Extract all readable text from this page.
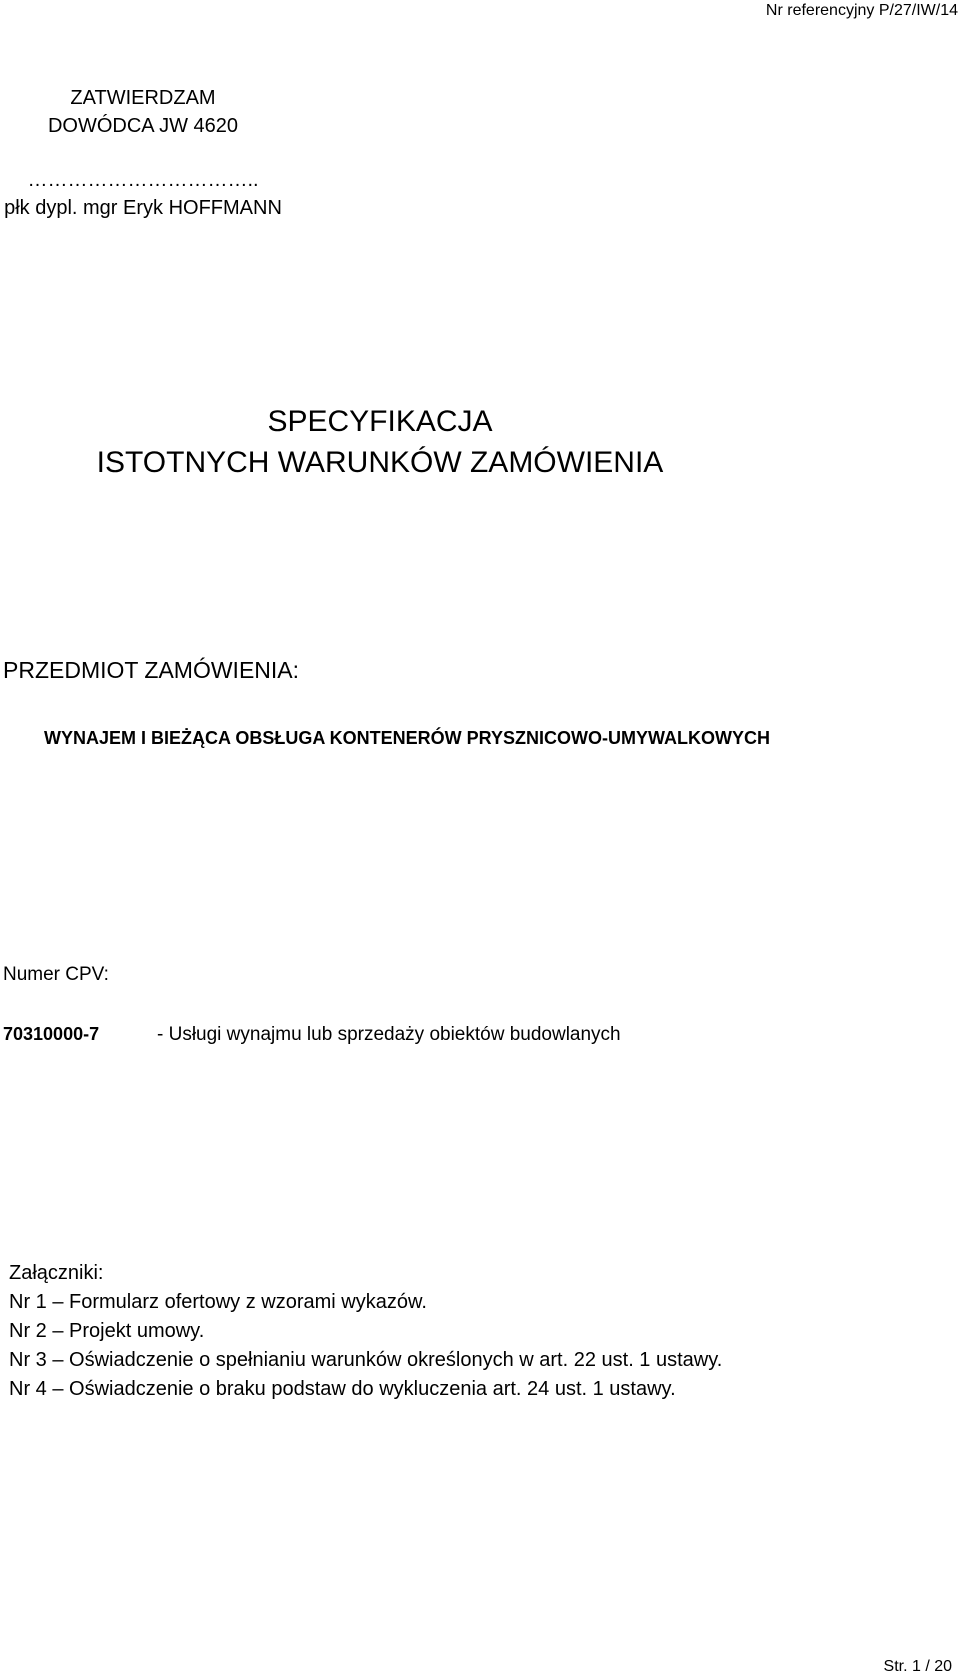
Nr referencyjny P/27/IW/14
ZATWIERDZAM
DOWÓDCA JW 4620
……………………………..
płk dypl. mgr Eryk HOFFMANN
SPECYFIKACJA
ISTOTNYCH WARUNKÓW ZAMÓWIENIA
PRZEDMIOT ZAMÓWIENIA:
WYNAJEM I BIEŻĄCA OBSŁUGA KONTENERÓW PRYSZNICOWO-UMYWALKOWYCH
Numer CPV:
70310000-7	- Usługi wynajmu lub sprzedaży obiektów budowlanych
Załączniki:
Nr 1 – Formularz ofertowy z wzorami wykazów.
Nr 2 – Projekt umowy.
Nr 3 – Oświadczenie o spełnianiu warunków określonych w art. 22 ust. 1 ustawy.
Nr 4 – Oświadczenie o braku podstaw do wykluczenia art. 24 ust. 1 ustawy.
Str. 1 / 20
